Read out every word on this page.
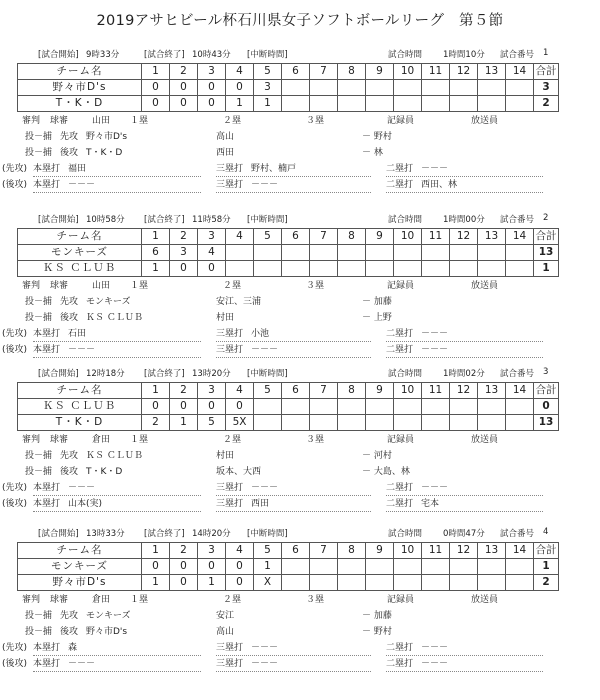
2019アサヒビール杯石川県女子ソフトボールリーグ　第５節
[試合開始] 9時33分	[試合終了] 10時43分 [中断時間]	試合時間 1時間10分 試合番号 1
チーム名	1	2	3	4	5	6	7	8	9	10	11	12	13	14	合計
野々市D's	0	0	0	0	3										3
T・K・D	0	0	0	1	1										2
審判 球審	山田 １塁	２塁	３塁	記録員	放送員
投－捕 先攻 野々市D's	高山	－ 野村
投－捕 後攻 T・K・D	西田	－ 林
(先攻) 本塁打 福田	三塁打 野村、楠戸	二塁打 －－－
(後攻) 本塁打 －－－	三塁打 －－－	二塁打 西田、林
[試合開始] 10時58分 [試合終了] 11時58分 [中断時間]	試合時間 1時間00分 試合番号 2
チーム名	1	2	3	4	5	6	7	8	9	10	11	12	13	14	合計
モンキーズ	6	3	4												13
ＫＳ ＣＬＵＢ	1	0	0												1
審判 球審	山田 １塁	２塁	３塁	記録員	放送員
投－捕 先攻 モンキーズ	安江、三浦	－ 加藤
投－捕 後攻 ＫＳ ＣＬＵＢ	村田	－ 上野
(先攻) 本塁打 石田	三塁打 小池	二塁打 －－－
(後攻) 本塁打 －－－	三塁打 －－－	二塁打 －－－
[試合開始] 12時18分 [試合終了] 13時20分 [中断時間]	試合時間 1時間02分 試合番号 3
チーム名	1	2	3	4	5	6	7	8	9	10	11	12	13	14	合計
ＫＳ ＣＬＵＢ	0	0	0	0											0
T・K・D	2	1	5	5X											13
審判 球審	倉田 １塁	２塁	３塁	記録員	放送員
投－捕 先攻 ＫＳ ＣＬＵＢ	村田	－ 河村
投－捕 後攻 T・K・D	坂本、大西	－ 大島、林
(先攻) 本塁打 －－－	三塁打 －－－	二塁打 －－－
(後攻) 本塁打 山本(実)	三塁打 西田	二塁打 宅本
[試合開始] 13時33分 [試合終了] 14時20分 [中断時間]	試合時間 0時間47分 試合番号 4
チーム名	1	2	3	4	5	6	7	8	9	10	11	12	13	14	合計
モンキーズ	0	0	0	0	1										1
野々市D's	1	0	1	0	X										2
審判 球審	倉田 １塁	２塁	３塁	記録員	放送員
投－捕 先攻 モンキーズ	安江	－ 加藤
投－捕 後攻 野々市D's	高山	－ 野村
(先攻) 本塁打 森	三塁打 －－－	二塁打 －－－
(後攻) 本塁打 －－－	三塁打 －－－	二塁打 －－－
